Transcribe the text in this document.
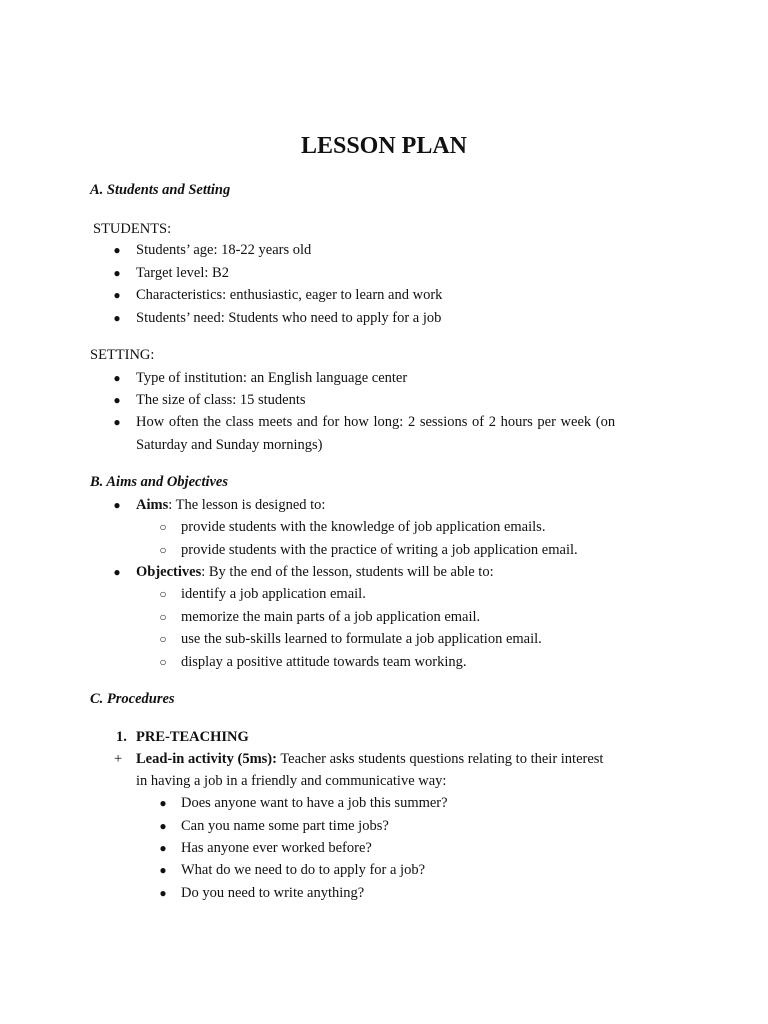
LESSON PLAN
A. Students and Setting
STUDENTS:
●	Students’ age: 18-22 years old
●	Target level: B2
●	Characteristics: enthusiastic, eager to learn and work
●	Students’ need: Students who need to apply for a job
SETTING:
●	Type of institution: an English language center
●	The size of class: 15 students
●	How often the class meets and for how long: 2 sessions of 2 hours per week (on
Saturday and Sunday mornings)
B. Aims and Objectives
●	Aims: The lesson is designed to:
○ provide students with the knowledge of job application emails.
○ provide students with the practice of writing a job application email.
●	Objectives: By the end of the lesson, students will be able to:
○ identify a job application email.
○ memorize the main parts of a job application email.
○ use the sub-skills learned to formulate a job application email.
○ display a positive attitude towards team working.
C. Procedures
1. PRE-TEACHING
+ Lead-in activity (5ms): Teacher asks students questions relating to their interest
in having a job in a friendly and communicative way:
● Does anyone want to have a job this summer?
● Can you name some part time jobs?
● Has anyone ever worked before?
● What do we need to do to apply for a job?
● Do you need to write anything?
